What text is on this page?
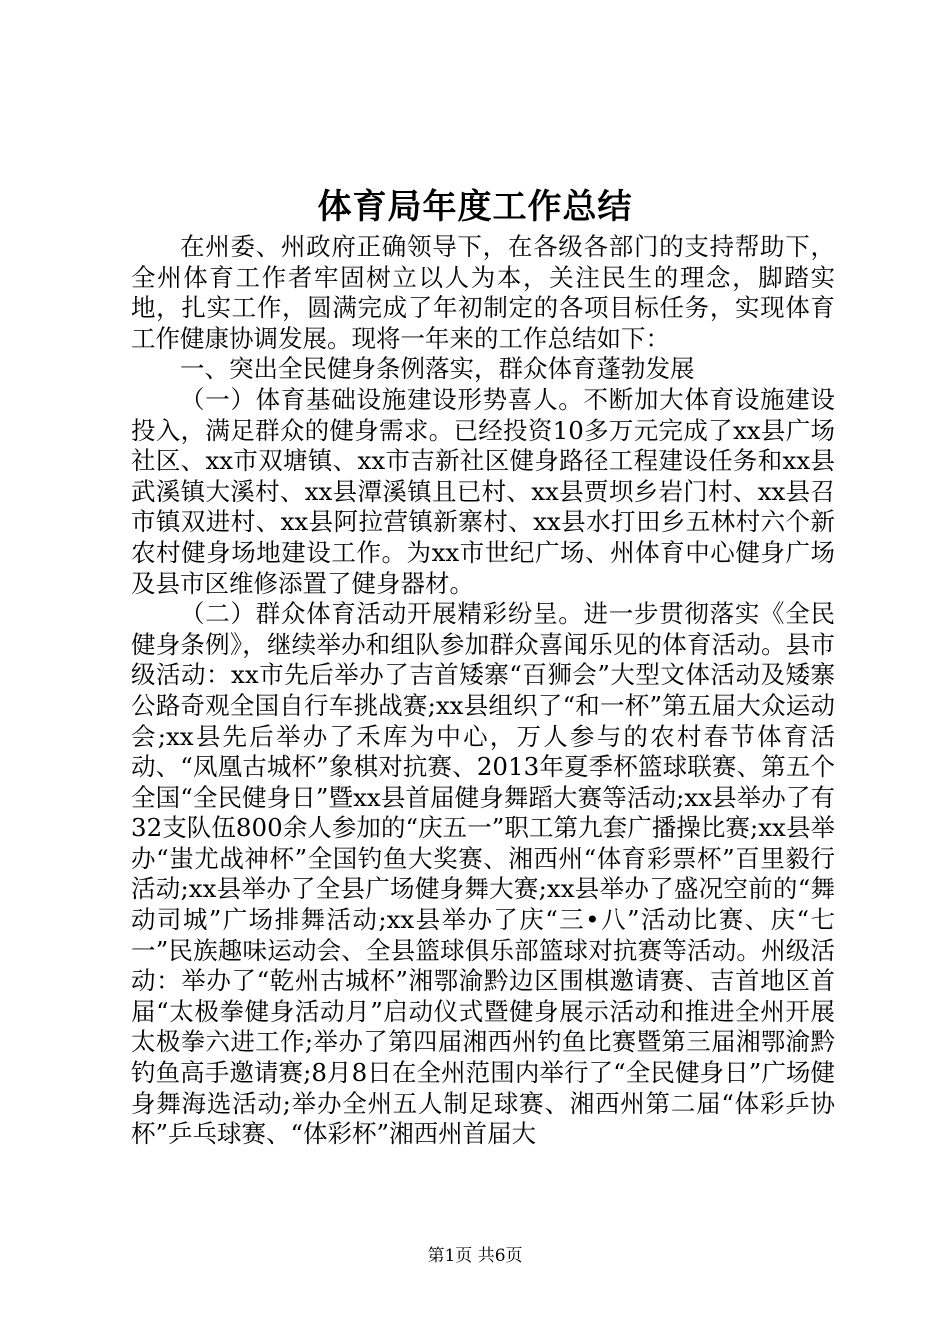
体育局年度工作总结

在州委、州政府正确领导下，在各级各部门的支持帮助下，全州体育工作者牢固树立以人为本，关注民生的理念，脚踏实地，扎实工作，圆满完成了年初制定的各项目标任务，实现体育工作健康协调发展。现将一年来的工作总结如下：

一、突出全民健身条例落实，群众体育蓬勃发展

（一）体育基础设施建设形势喜人。不断加大体育设施建设投入，满足群众的健身需求。已经投资10多万元完成了xx县广场社区、xx市双塘镇、xx市吉新社区健身路径工程建设任务和xx县武溪镇大溪村、xx县潭溪镇且已村、xx县贾坝乡岩门村、xx县召市镇双进村、xx县阿拉营镇新寨村、xx县水打田乡五林村六个新农村健身场地建设工作。为xx市世纪广场、州体育中心健身广场及县市区维修添置了健身器材。

（二）群众体育活动开展精彩纷呈。进一步贯彻落实《全民健身条例》，继续举办和组队参加群众喜闻乐见的体育活动。县市级活动：xx市先后举办了吉首矮寨“百狮会”大型文体活动及矮寨公路奇观全国自行车挑战赛;xx县组织了“和一杯”第五届大众运动会;xx县先后举办了禾库为中心，万人参与的农村春节体育活动、“凤凰古城杯”象棋对抗赛、2013年夏季杯篮球联赛、第五个全国“全民健身日”暨xx县首届健身舞蹈大赛等活动;xx县举办了有32支队伍800余人参加的“庆五一”职工第九套广播操比赛;xx县举办“蚩尤战神杯”全国钓鱼大奖赛、湘西州“体育彩票杯”百里毅行活动;xx县举办了全县广场健身舞大赛;xx县举办了盛况空前的“舞动司城”广场排舞活动;xx县举办了庆“三•八”活动比赛、庆“七一”民族趣味运动会、全县篮球俱乐部篮球对抗赛等活动。州级活动：举办了“乾州古城杯”湘鄂渝黔边区围棋邀请赛、吉首地区首届“太极拳健身活动月”启动仪式暨健身展示活动和推进全州开展太极拳六进工作;举办了第四届湘西州钓鱼比赛暨第三届湘鄂渝黔钓鱼高手邀请赛;8月8日在全州范围内举行了“全民健身日”广场健身舞海选活动;举办全州五人制足球赛、湘西州第二届“体彩乒协杯”乒乓球赛、“体彩杯”湘西州首届大

第1页 共6页
